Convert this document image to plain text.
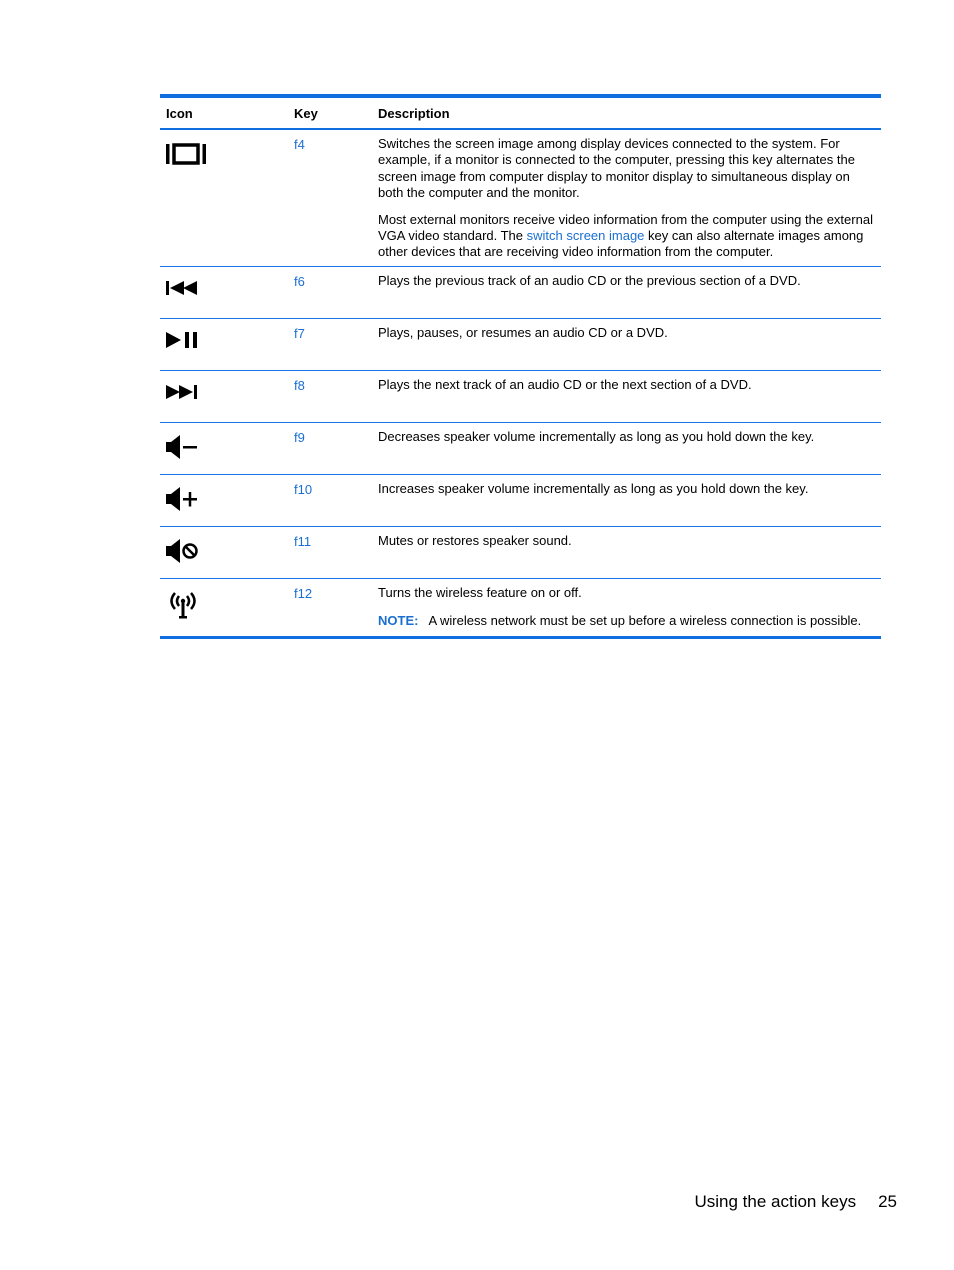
Icon	Key	Description
f4	Switches the screen image among display devices connected to the system. For example, if a monitor is connected to the computer, pressing this key alternates the screen image from computer display to monitor display to simultaneous display on both the computer and the monitor.

Most external monitors receive video information from the computer using the external VGA video standard. The switch screen image key can also alternate images among other devices that are receiving video information from the computer.

f6	Plays the previous track of an audio CD or the previous section of a DVD.

f7	Plays, pauses, or resumes an audio CD or a DVD.

f8	Plays the next track of an audio CD or the next section of a DVD.

f9	Decreases speaker volume incrementally as long as you hold down the key.

f10	Increases speaker volume incrementally as long as you hold down the key.

f11	Mutes or restores speaker sound.

f12	Turns the wireless feature on or off.

NOTE: A wireless network must be set up before a wireless connection is possible.
Using the action keys 25
